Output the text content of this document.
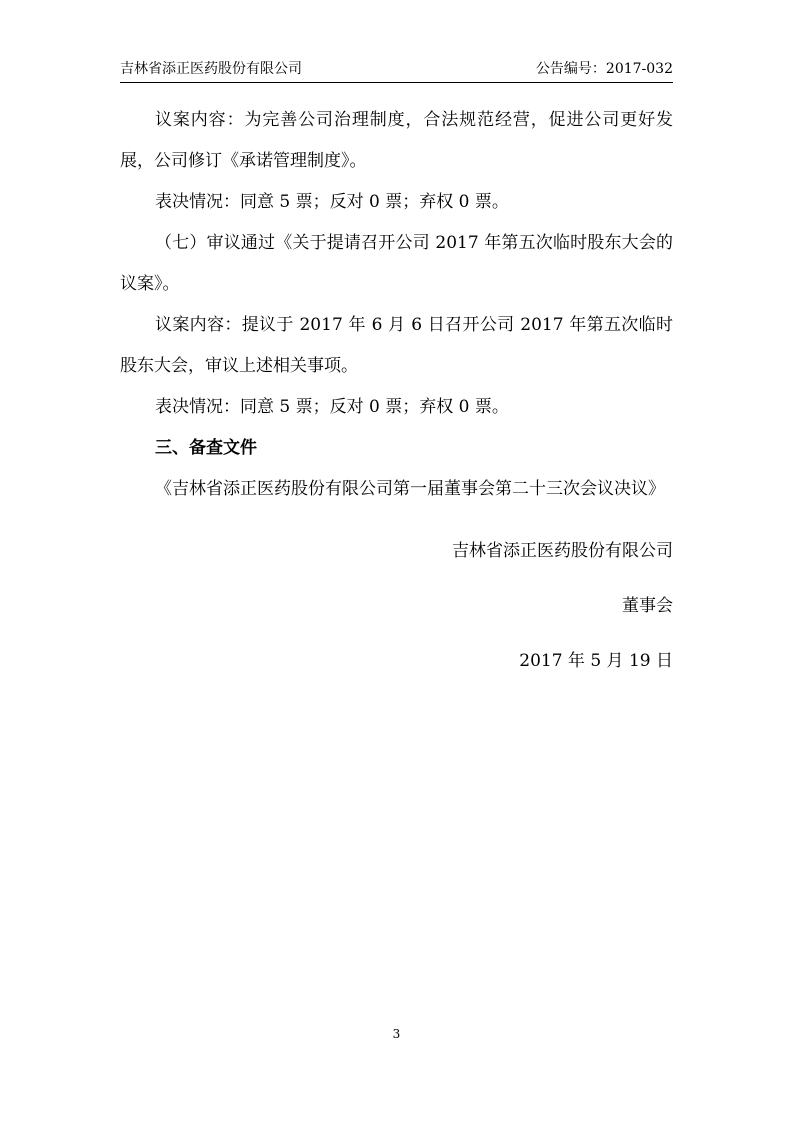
吉林省添正医药股份有限公司	公告编号：2017-032

议案内容：为完善公司治理制度，合法规范经营，促进公司更好发展，公司修订《承诺管理制度》。

表决情况：同意 5 票；反对 0 票；弃权 0 票。

（七）审议通过《关于提请召开公司 2017 年第五次临时股东大会的议案》。

议案内容：提议于 2017 年 6 月 6 日召开公司 2017 年第五次临时股东大会，审议上述相关事项。

表决情况：同意 5 票；反对 0 票；弃权 0 票。

三、备查文件

《吉林省添正医药股份有限公司第一届董事会第二十三次会议决议》

吉林省添正医药股份有限公司

董事会

2017 年 5 月 19 日

3
